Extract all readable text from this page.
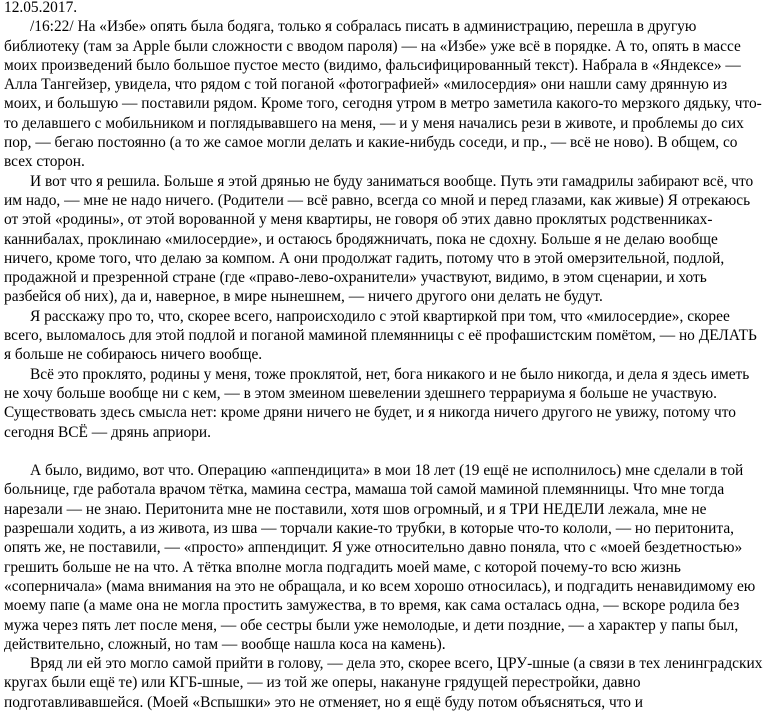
12.05.2017.

/16:22/ На «Избе» опять была бодяга, только я собралась писать в администрацию, перешла в другую библиотеку (там за Apple были сложности с вводом пароля) — на «Избе» уже всё в порядке. А то, опять в массе моих произведений было большое пустое место (видимо, фальсифицированный текст). Набрала в «Яндексе» — Алла Тангейзер, увидела, что рядом с той поганой «фотографией» «милосердия» они нашли саму дрянную из моих, и большую — поставили рядом. Кроме того, сегодня утром в метро заметила какого-то мерзкого дядьку, что-то делавшего с мобильником и поглядывавшего на меня, — и у меня начались рези в животе, и проблемы до сих пор, — бегаю постоянно (а то же самое могли делать и какие-нибудь соседи, и пр., — всё не ново). В общем, со всех сторон.

И вот что я решила. Больше я этой дрянью не буду заниматься вообще. Путь эти гамадрилы забирают всё, что им надо, — мне не надо ничего. (Родители — всё равно, всегда со мной и перед глазами, как живые) Я отрекаюсь от этой «родины», от этой ворованной у меня квартиры, не говоря об этих давно проклятых родственниках-каннибалах, проклинаю «милосердие», и остаюсь бродяжничать, пока не сдохну. Больше я не делаю вообще ничего, кроме того, что делаю за компом. А они продолжат гадить, потому что в этой омерзительной, подлой, продажной и презренной стране (где «право-лево-охранители» участвуют, видимо, в этом сценарии, и хоть разбейся об них), да и, наверное, в мире нынешнем, — ничего другого они делать не будут.

Я расскажу про то, что, скорее всего, напроисходило с этой квартиркой при том, что «милосердие», скорее всего, выломалось для этой подлой и поганой маминой племянницы с её профашистским помётом, — но ДЕЛАТЬ я больше не собираюсь ничего вообще.

Всё это проклято, родины у меня, тоже проклятой, нет, бога никакого и не было никогда, и дела я здесь иметь не хочу больше вообще ни с кем, — в этом змеином шевелении здешнего террариума я больше не участвую. Существовать здесь смысла нет: кроме дряни ничего не будет, и я никогда ничего другого не увижу, потому что сегодня ВСЁ — дрянь априори.

А было, видимо, вот что. Операцию «аппендицита» в мои 18 лет (19 ещё не исполнилось) мне сделали в той больнице, где работала врачом тётка, мамина сестра, мамаша той самой маминой племянницы. Что мне тогда нарезали — не знаю. Перитонита мне не поставили, хотя шов огромный, и я ТРИ НЕДЕЛИ лежала, мне не разрешали ходить, а из живота, из шва — торчали какие-то трубки, в которые что-то кололи, — но перитонита, опять же, не поставили, — «просто» аппендицит. Я уже относительно давно поняла, что с «моей бездетностью» грешить больше не на что. А тётка вполне могла подгадить моей маме, с которой почему-то всю жизнь «соперничала» (мама внимания на это не обращала, и ко всем хорошо относилась), и подгадить ненавидимому ею моему папе (а маме она не могла простить замужества, в то время, как сама осталась одна, — вскоре родила без мужа через пять лет после меня, — обе сестры были уже немолодые, и дети поздние, — а характер у папы был, действительно, сложный, но там — вообще нашла коса на камень).

Вряд ли ей это могло самой прийти в голову, — дела это, скорее всего, ЦРУ-шные (а связи в тех ленинградских кругах были ещё те) или КГБ-шные, — из той же оперы, накануне грядущей перестройки, давно подготавливавшейся. (Моей «Вспышки» это не отменяет, но я ещё буду потом объясняться, что и
